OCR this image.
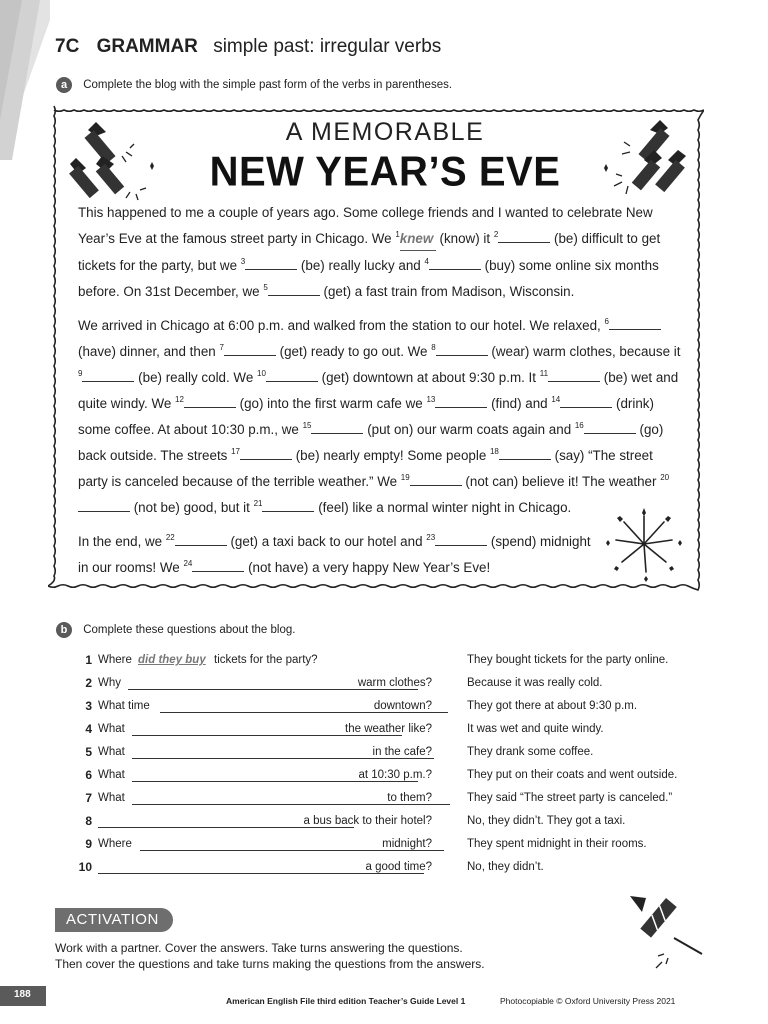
7C GRAMMAR simple past: irregular verbs
a Complete the blog with the simple past form of the verbs in parentheses.
A MEMORABLE
NEW YEAR’S EVE

This happened to me a couple of years ago. Some college friends and I wanted to celebrate New Year’s Eve at the famous street party in Chicago. We $^1$knew (know) it $^2$	(be) difficult to get tickets for the party, but we $^3$	(be) really lucky and $^4$	(buy) some online six months before. On 31st December, we $^5$	(get) a fast train from Madison, Wisconsin.

We arrived in Chicago at 6:00 p.m. and walked from the station to our hotel. We relaxed, $^6$ (have) dinner, and then $^7$	(get) ready to go out. We $^8$	(wear) warm clothes, because it $^9$	(be) really cold. We $^{10}$	(get) downtown at about 9:30 p.m. It $^{11}$	(be) wet and quite windy. We $^{12}$	(go) into the first warm cafe we $^{13}$	(find) and $^{14}$	(drink) some coffee. At about 10:30 p.m., we $^{15}$	(put on) our warm coats again and $^{16}$	(go) back outside. The streets $^{17}$	(be) nearly empty! Some people $^{18}$	(say) “The street party is canceled because of the terrible weather.” We $^{19}$	(not can) believe it! The weather $^{20}$ (not be) good, but it $^{21}$	(feel) like a normal winter night in Chicago.

In the end, we $^{22}$	(get) a taxi back to our hotel and $^{23}$	(spend) midnight in our rooms! We $^{24}$	(not have) a very happy New Year’s Eve!

b Complete these questions about the blog.
1 Where did they buy tickets for the party?	They bought tickets for the party online.
2 Why	warm clothes?	Because it was really cold.
3 What time	downtown?	They got there at about 9:30 p.m.
4 What	the weather like?	It was wet and quite windy.
5 What	in the cafe?	They drank some coffee.
6 What	at 10:30 p.m.?	They put on their coats and went outside.
7 What	to them?	They said “The street party is canceled.”
8	a bus back to their hotel?	No, they didn’t. They got a taxi.
9 Where	midnight?	They spent midnight in their rooms.
10	a good time?	No, they didn’t.
ACTIVATION
Work with a partner. Cover the answers. Take turns answering the questions.
Then cover the questions and take turns making the questions from the answers.
188
American English File third edition Teacher’s Guide Level 1	Photocopiable © Oxford University Press 2021
